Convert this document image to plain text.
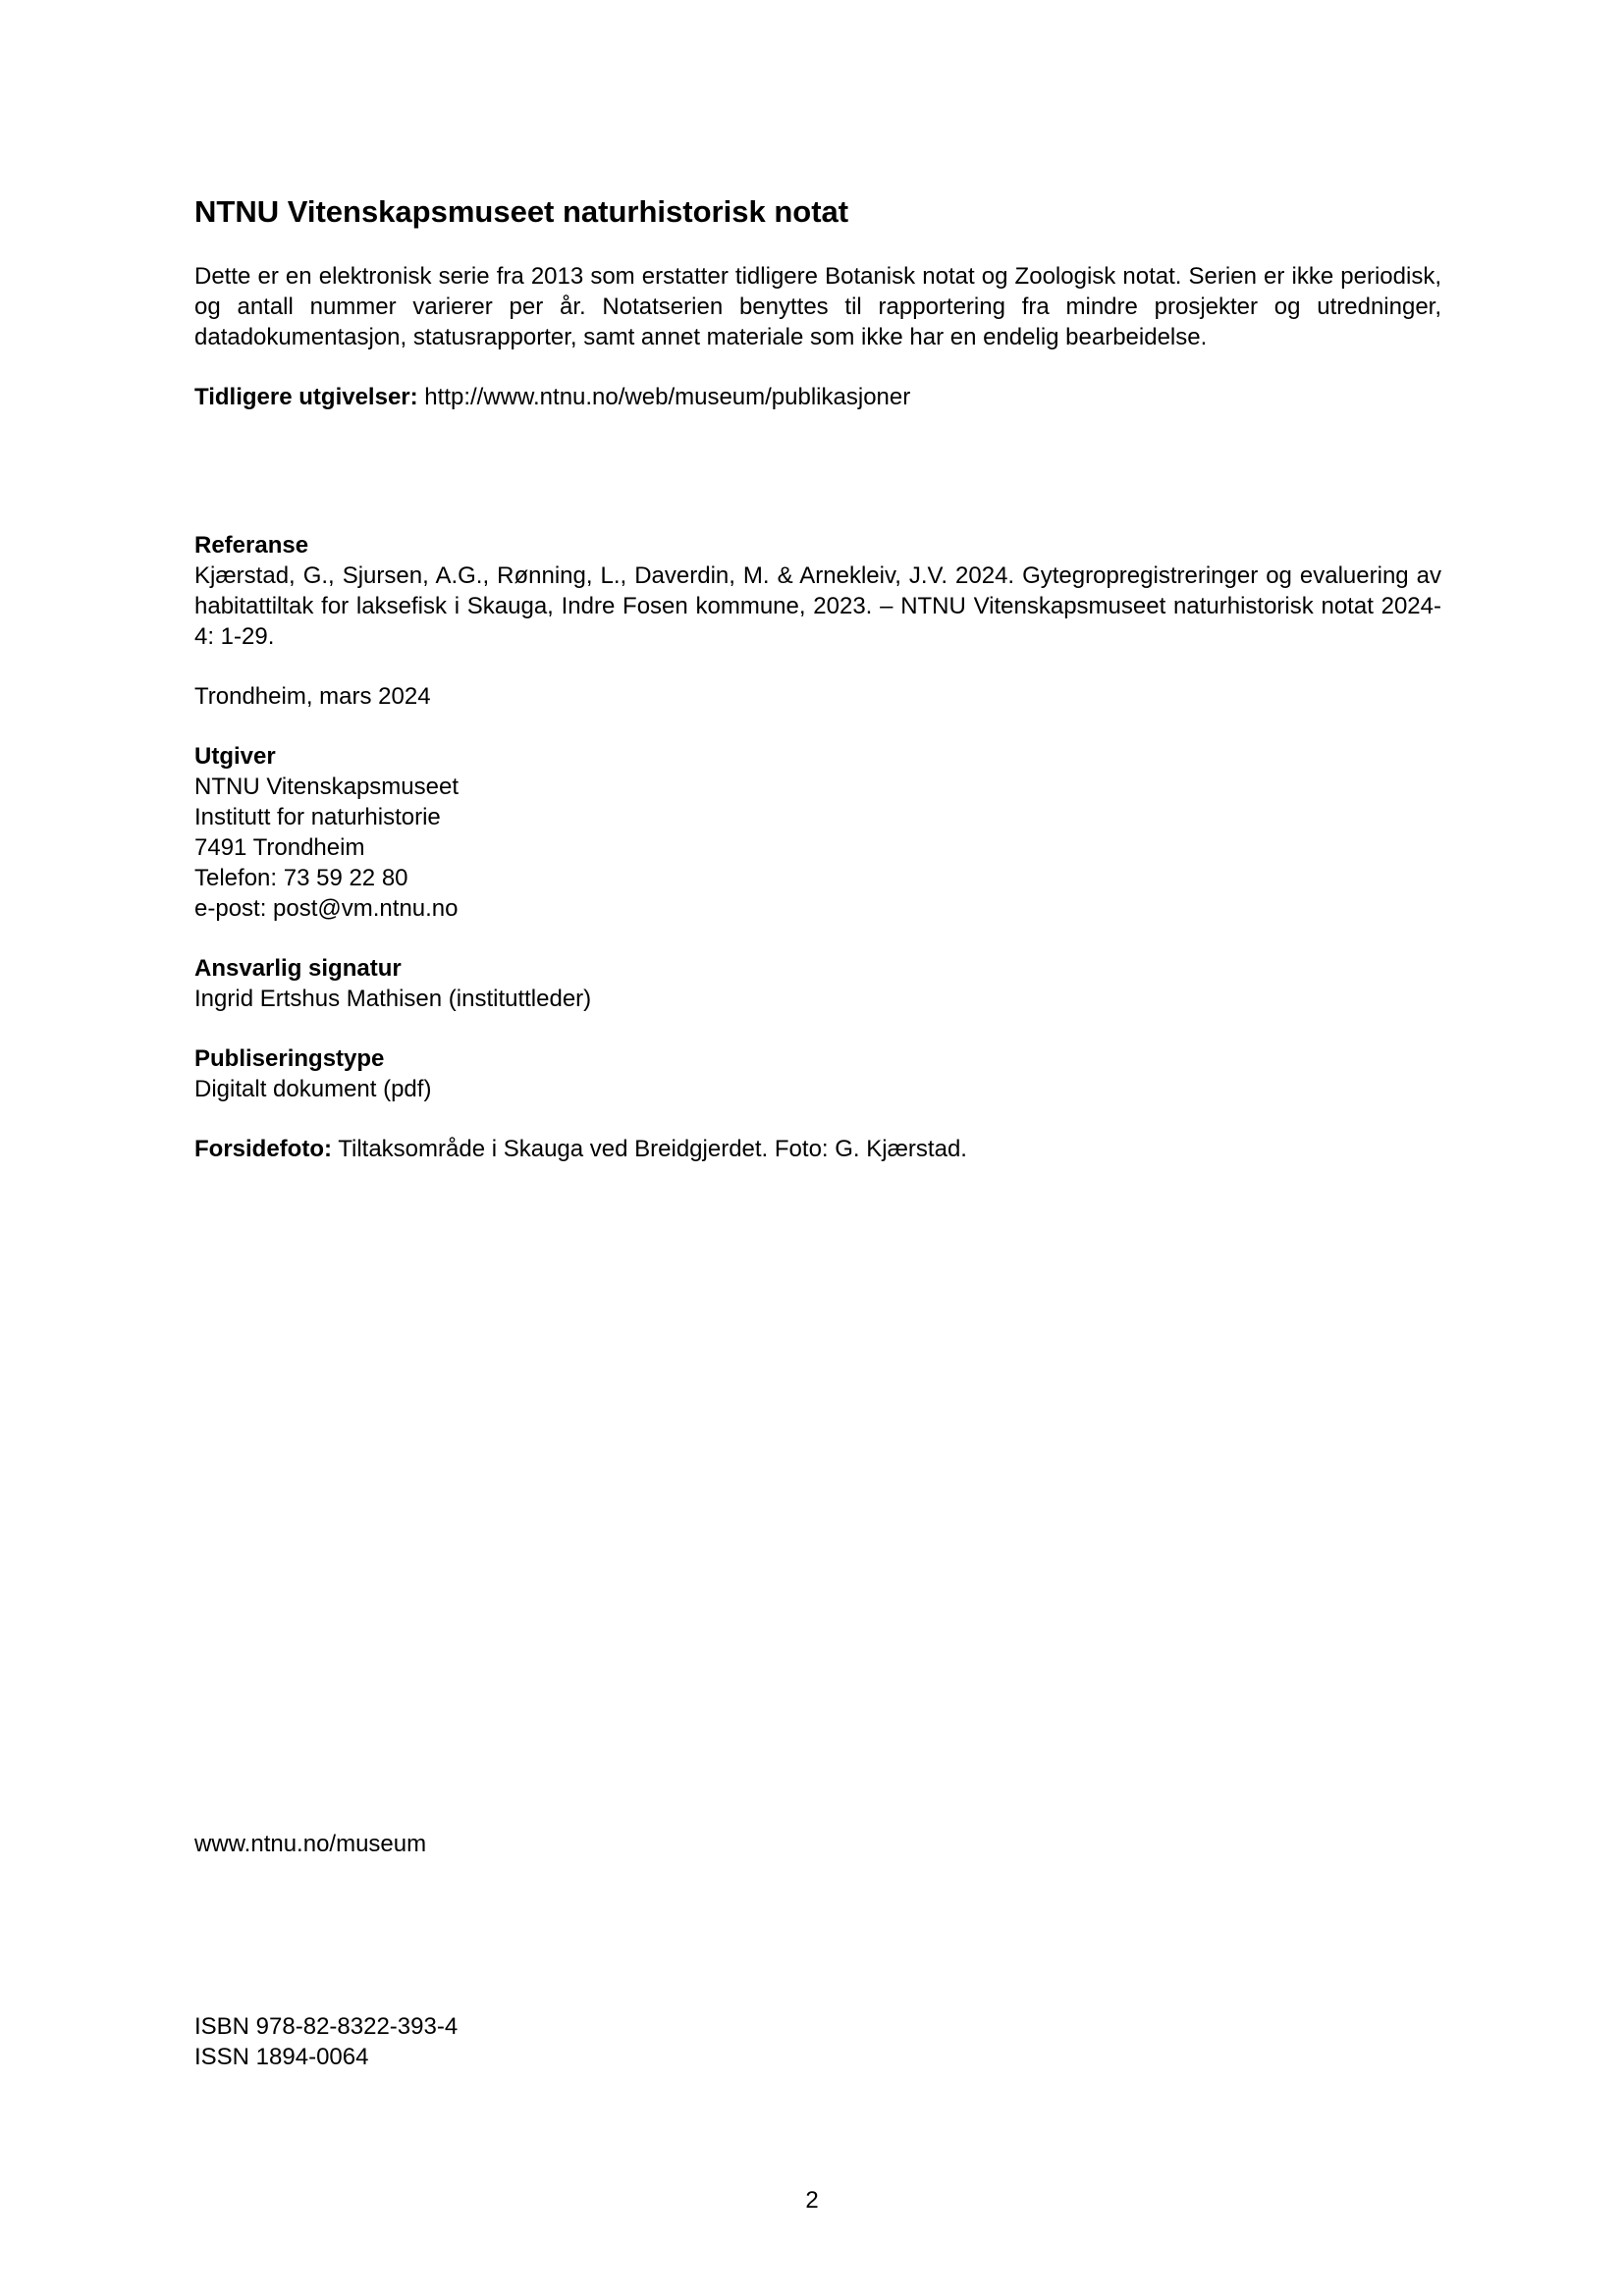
NTNU Vitenskapsmuseet naturhistorisk notat

Dette er en elektronisk serie fra 2013 som erstatter tidligere Botanisk notat og Zoologisk notat. Serien er ikke periodisk, og antall nummer varierer per år. Notatserien benyttes til rapportering fra mindre prosjekter og utredninger, datadokumentasjon, statusrapporter, samt annet materiale som ikke har en endelig bearbeidelse.

Tidligere utgivelser: http://www.ntnu.no/web/museum/publikasjoner

Referanse

Kjærstad, G., Sjursen, A.G., Rønning, L., Daverdin, M. & Arnekleiv, J.V. 2024. Gytegropregistreringer og evaluering av habitattiltak for laksefisk i Skauga, Indre Fosen kommune, 2023. – NTNU Vitenskapsmuseet naturhistorisk notat 2024-4: 1-29.

Trondheim, mars 2024

Utgiver
NTNU Vitenskapsmuseet
Institutt for naturhistorie
7491 Trondheim
Telefon: 73 59 22 80
e-post: post@vm.ntnu.no
Ansvarlig signatur
Ingrid Ertshus Mathisen (instituttleder)
Publiseringstype
Digitalt dokument (pdf)

Forsidefoto: Tiltaksområde i Skauga ved Breidgjerdet. Foto: G. Kjærstad.

www.ntnu.no/museum
ISBN 978-82-8322-393-4
ISSN 1894-0064
2
